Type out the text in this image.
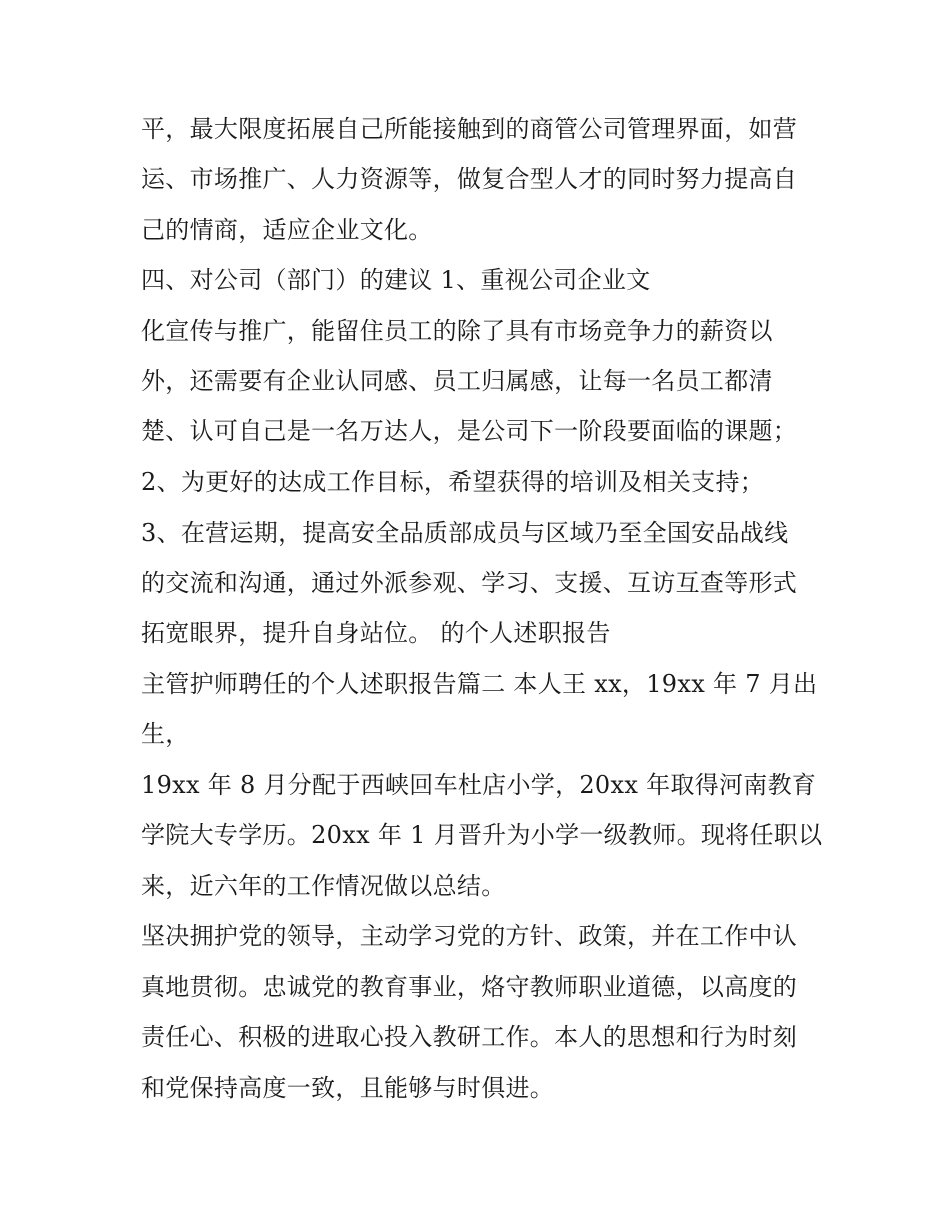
平，最大限度拓展自己所能接触到的商管公司管理界面，如营
运、市场推广、人力资源等，做复合型人才的同时努力提高自
己的情商，适应企业文化。
四、对公司（部门）的建议 1、重视公司企业文
化宣传与推广，能留住员工的除了具有市场竞争力的薪资以
外，还需要有企业认同感、员工归属感，让每一名员工都清
楚、认可自己是一名万达人，是公司下一阶段要面临的课题；
2、为更好的达成工作目标，希望获得的培训及相关支持；
3、在营运期，提高安全品质部成员与区域乃至全国安品战线
的交流和沟通，通过外派参观、学习、支援、互访互查等形式
拓宽眼界，提升自身站位。 的个人述职报告
主管护师聘任的个人述职报告篇二 本人王 xx，19xx 年 7 月出
生，
19xx 年 8 月分配于西峡回车杜店小学，20xx 年取得河南教育
学院大专学历。20xx 年 1 月晋升为小学一级教师。现将任职以
来，近六年的工作情况做以总结。
坚决拥护党的领导，主动学习党的方针、政策，并在工作中认
真地贯彻。忠诚党的教育事业，烙守教师职业道德，以高度的
责任心、积极的进取心投入教研工作。本人的思想和行为时刻
和党保持高度一致，且能够与时俱进。
